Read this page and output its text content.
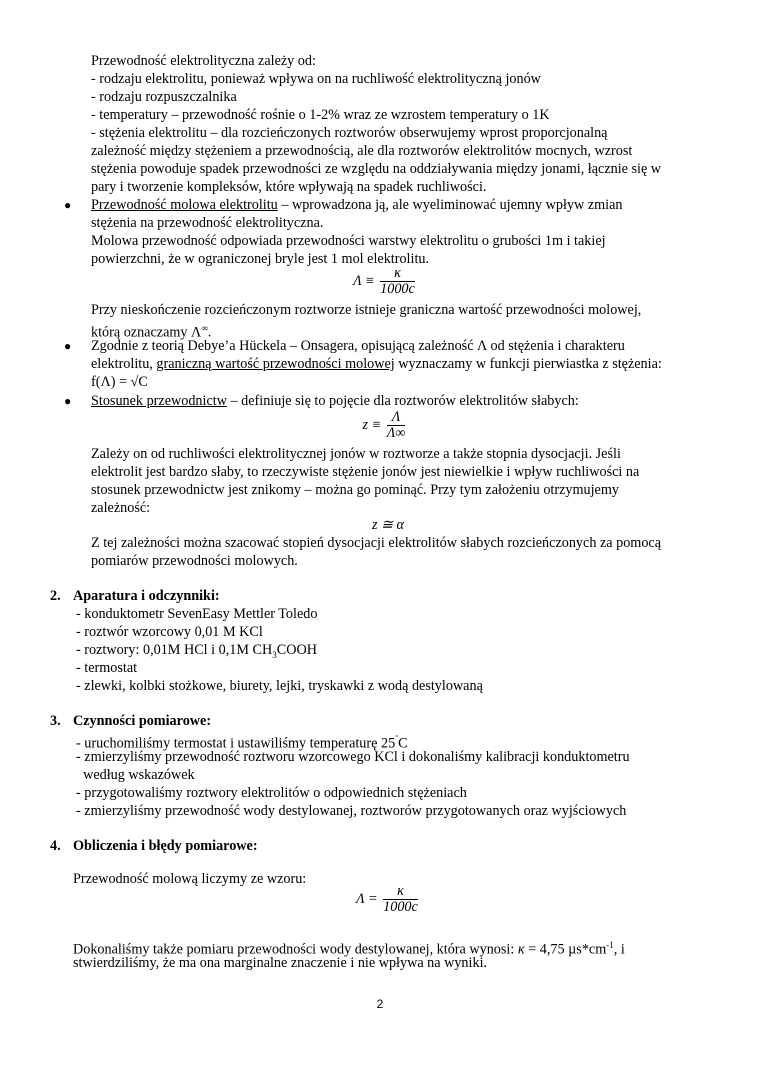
Przewodność elektrolityczna zależy od:
- rodzaju elektrolitu, ponieważ wpływa on na ruchliwość elektrolityczną jonów
- rodzaju rozpuszczalnika
- temperatury – przewodność rośnie o 1-2% wraz ze wzrostem temperatury o 1K
- stężenia elektrolitu – dla rozcieńczonych roztworów obserwujemy wprost proporcjonalną
zależność między stężeniem a przewodnością, ale dla roztworów elektrolitów mocnych, wzrost
stężenia powoduje spadek przewodności ze względu na oddziaływania między jonami, łącznie się w
pary i tworzenie kompleksów, które wpływają na spadek ruchliwości.
● Przewodność molowa elektrolitu – wprowadzona ją, ale wyeliminować ujemny wpływ zmian
stężenia na przewodność elektrolityczna.
Molowa przewodność odpowiada przewodności warstwy elektrolitu o grubości 1m i takiej
powierzchni, że w ograniczonej bryle jest 1 mol elektrolitu.
$\Lambda \equiv \frac{\kappa}{1000c}$
Przy nieskończenie rozcieńczonym roztworze istnieje graniczna wartość przewodności molowej,
którą oznaczamy Λ∞.
● Zgodnie z teorią Debye’a Hückela – Onsagera, opisującą zależność Λ od stężenia i charakteru
elektrolitu, graniczną wartość przewodności molowej wyznaczamy w funkcji pierwiastka z stężenia:
f(Λ) = √C
● Stosunek przewodnictw – definiuje się to pojęcie dla roztworów elektrolitów słabych:
$z \equiv \frac{\Lambda}{\Lambda\infty}$
Zależy on od ruchliwości elektrolitycznej jonów w roztworze a także stopnia dysocjacji. Jeśli
elektrolit jest bardzo słaby, to rzeczywiste stężenie jonów jest niewielkie i wpływ ruchliwości na
stosunek przewodnictw jest znikomy – można go pominąć. Przy tym założeniu otrzymujemy
zależność:
z ≅ α
Z tej zależności można szacować stopień dysocjacji elektrolitów słabych rozcieńczonych za pomocą
pomiarów przewodności molowych.
2. Aparatura i odczynniki:
- konduktometr SevenEasy Mettler Toledo
- roztwór wzorcowy 0,01 M KCl
- roztwory: 0,01M HCl i 0,1M $CH_3COOH$
- termostat
- zlewki, kolbki stożkowe, biurety, lejki, tryskawki z wodą destylowaną
3. Czynności pomiarowe:
- uruchomiliśmy termostat i ustawiliśmy temperaturę 25˚C
- zmierzyliśmy przewodność roztworu wzorcowego KCl i dokonaliśmy kalibracji konduktometru
według wskazówek
- przygotowaliśmy roztwory elektrolitów o odpowiednich stężeniach
- zmierzyliśmy przewodność wody destylowanej, roztworów przygotowanych oraz wyjściowych
4. Obliczenia i błędy pomiarowe:
Przewodność molową liczymy ze wzoru:
$\Lambda = \frac{\kappa}{1000c}$
Dokonaliśmy także pomiaru przewodności wody destylowanej, która wynosi: κ = 4,75 $\mu s*cm^{-1}$, i
stwierdziliśmy, że ma ona marginalne znaczenie i nie wpływa na wyniki.
2
